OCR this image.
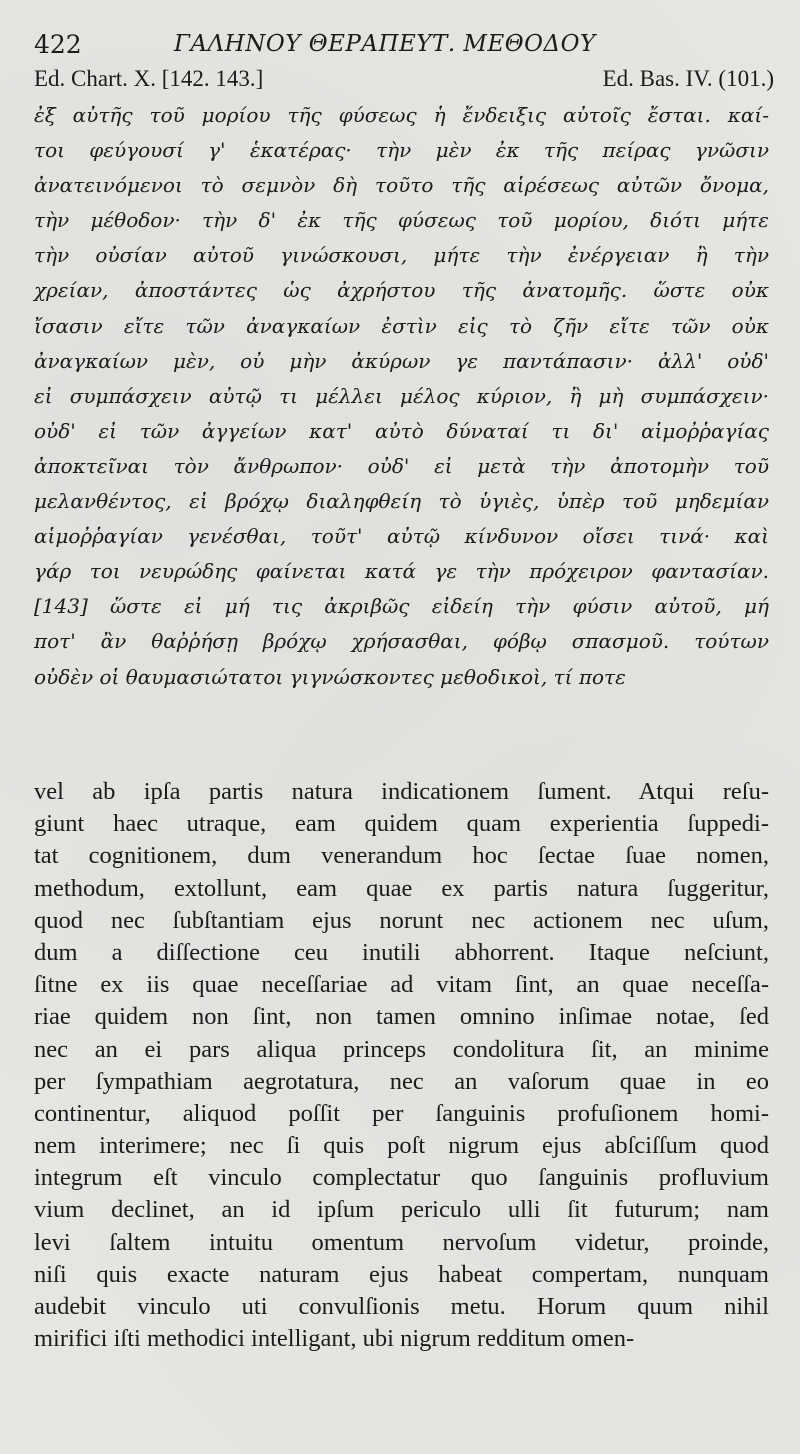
422	ΓΑΛΗΝΟΥ ΘΕΡΑΠΕΥΤ. ΜΕΘΟΔΟΥ
Ed. Chart. X. [142. 143.]	Ed. Bas. IV. (101.)
ἐξ αὐτῆς τοῦ μορίου τῆς φύσεως ἡ ἔνδειξις αὐτοῖς ἔσται. καί-
τοι φεύγουσί γ' ἑκατέρας· τὴν μὲν ἐκ τῆς πείρας γνῶσιν
ἀνατεινόμενοι τὸ σεμνὸν δὴ τοῦτο τῆς αἱρέσεως αὐτῶν ὄνομα,
τὴν μέθοδον· τὴν δ' ἐκ τῆς φύσεως τοῦ μορίου, διότι μήτε
τὴν οὐσίαν αὐτοῦ γινώσκουσι, μήτε τὴν ἐνέργειαν ἢ τὴν
χρείαν, ἀποστάντες ὡς ἀχρήστου τῆς ἀνατομῆς. ὥστε οὐκ
ἴσασιν εἴτε τῶν ἀναγκαίων ἐστὶν εἰς τὸ ζῆν εἴτε τῶν οὐκ
ἀναγκαίων μὲν, οὐ μὴν ἀκύρων γε παντάπασιν· ἀλλ' οὐδ'
εἰ συμπάσχειν αὐτῷ τι μέλλει μέλος κύριον, ἢ μὴ συμπάσχειν·
οὐδ' εἰ τῶν ἀγγείων κατ' αὐτὸ δύναταί τι δι' αἱμοῤῥαγίας
ἀποκτεῖναι τὸν ἄνθρωπον· οὐδ' εἰ μετὰ τὴν ἀποτομὴν τοῦ
μελανθέντος, εἰ βρόχῳ διαληφθείη τὸ ὑγιὲς, ὑπὲρ τοῦ μηδεμίαν
αἱμοῤῥαγίαν γενέσθαι, τοῦτ' αὐτῷ κίνδυνον οἴσει τινά· καὶ
γάρ τοι νευρώδης φαίνεται κατά γε τὴν πρόχειρον φαντασίαν.
[143] ὥστε εἰ μή τις ἀκριβῶς εἰδείη τὴν φύσιν αὐτοῦ, μή
ποτ' ἂν θαῤῥήσῃ βρόχῳ χρήσασθαι, φόβῳ σπασμοῦ. τούτων
οὐδὲν οἱ θαυμασιώτατοι γιγνώσκοντες μεθοδικοὶ, τί ποτε
vel ab ipſa partis natura indicationem ſument. Atqui reſu-
giunt haec utraque, eam quidem quam experientia ſuppedi-
tat cognitionem, dum venerandum hoc ſectae ſuae nomen,
methodum, extollunt, eam quae ex partis natura ſuggeritur,
quod nec ſubſtantiam ejus norunt nec actionem nec uſum,
dum a diſſectione ceu inutili abhorrent. Itaque neſciunt,
ſitne ex iis quae neceſſariae ad vitam ſint, an quae neceſſa-
riae quidem non ſint, non tamen omnino inſimae notae, ſed
nec an ei pars aliqua princeps condolitura ſit, an minime
per ſympathiam aegrotatura, nec an vaſorum quae in eo
continentur, aliquod poſſit per ſanguinis profuſionem homi-
nem interimere; nec ſi quis poſt nigrum ejus abſciſſum quod
integrum eſt vinculo complectatur quo ſanguinis profluvium
vium declinet, an id ipſum periculo ulli ſit futurum; nam
levi ſaltem intuitu omentum nervoſum videtur, proinde,
niſi quis exacte naturam ejus habeat compertam, nunquam
audebit vinculo uti convulſionis metu. Horum quum nihil
mirifici iſti methodici intelligant, ubi nigrum redditum omen-
